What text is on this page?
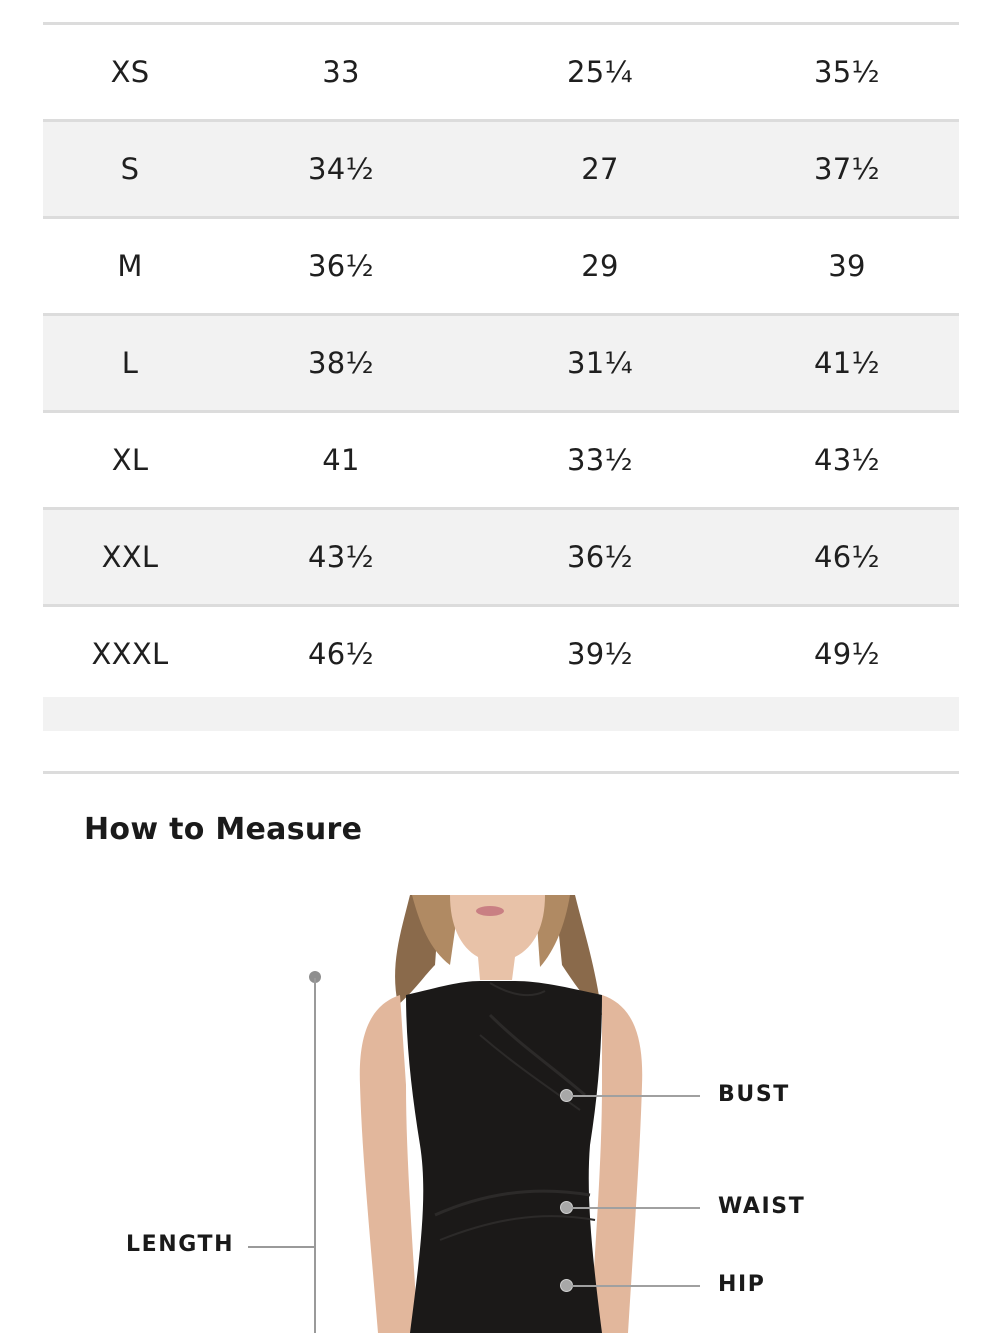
XS	33	25¼	35½
S	34½	27	37½
M	36½	29	39
L	38½	31¼	41½
XL	41	33½	43½
XXL	43½	36½	46½
XXXL	46½	39½	49½
How to Measure
LENGTH
BUST
WAIST
HIP
